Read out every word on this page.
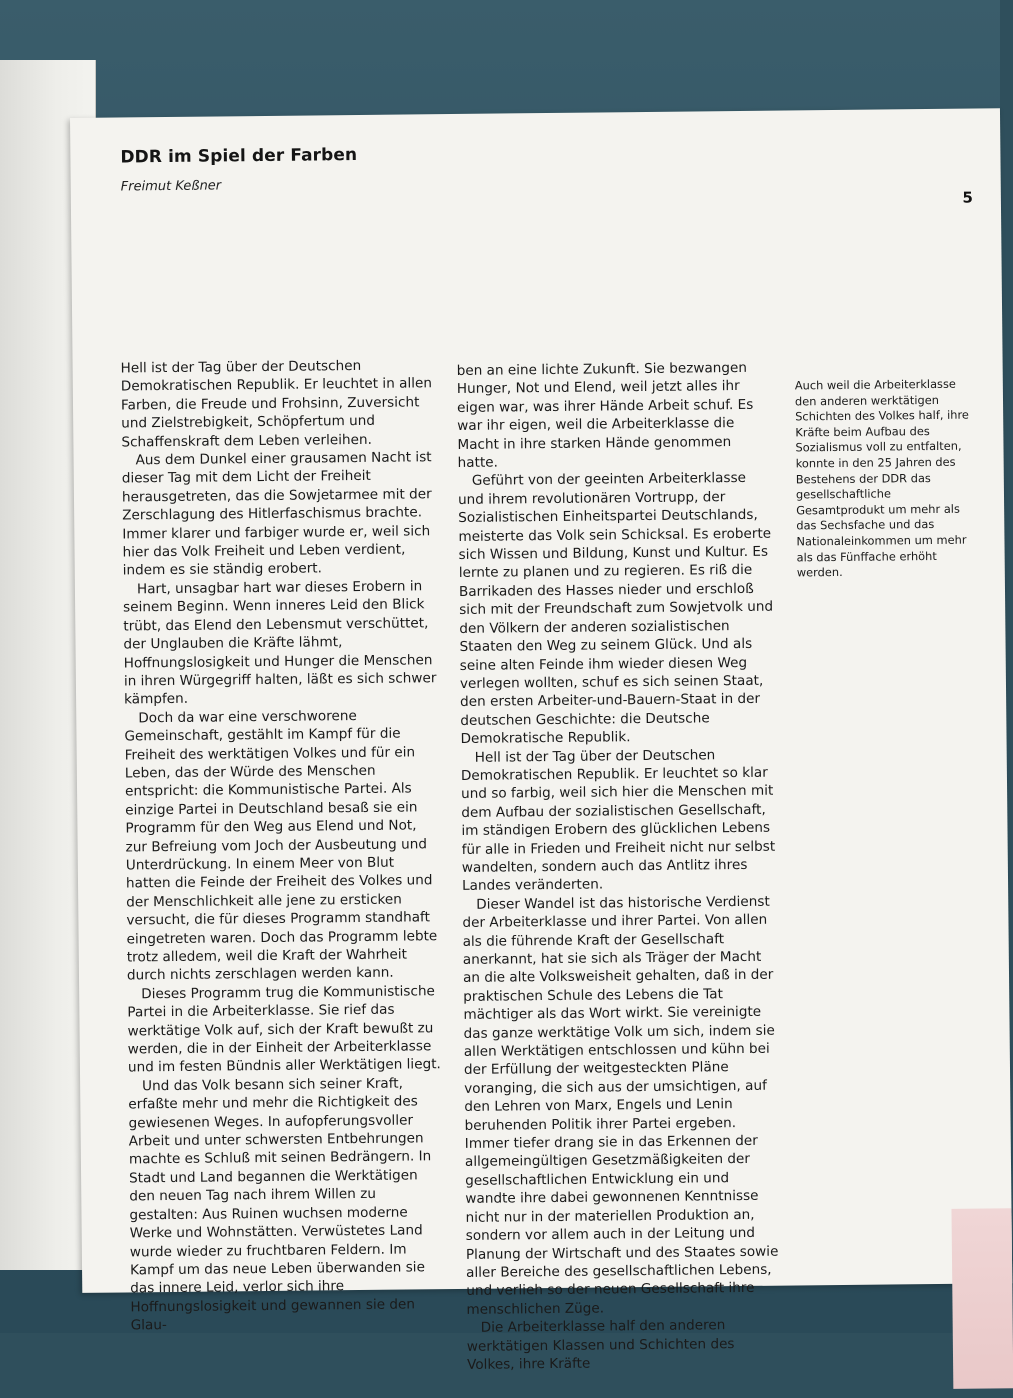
DDR im Spiel der Farben
Freimut Keßner
5

Hell ist der Tag über der Deutschen Demokratischen Republik. Er leuchtet in allen Farben, die Freude und Frohsinn, Zuversicht und Zielstrebigkeit, Schöpfertum und Schaffenskraft dem Leben verleihen.

Aus dem Dunkel einer grausamen Nacht ist dieser Tag mit dem Licht der Freiheit herausgetreten, das die Sowjetarmee mit der Zerschlagung des Hitlerfaschismus brachte. Immer klarer und farbiger wurde er, weil sich hier das Volk Freiheit und Leben verdient, indem es sie ständig erobert.

Hart, unsagbar hart war dieses Erobern in seinem Beginn. Wenn inneres Leid den Blick trübt, das Elend den Lebensmut verschüttet, der Unglauben die Kräfte lähmt, Hoffnungslosigkeit und Hunger die Menschen in ihren Würgegriff halten, läßt es sich schwer kämpfen.

Doch da war eine verschworene Gemeinschaft, gestählt im Kampf für die Freiheit des werktätigen Volkes und für ein Leben, das der Würde des Menschen entspricht: die Kommunistische Partei. Als einzige Partei in Deutschland besaß sie ein Programm für den Weg aus Elend und Not, zur Befreiung vom Joch der Ausbeutung und Unterdrückung. In einem Meer von Blut hatten die Feinde der Freiheit des Volkes und der Menschlichkeit alle jene zu ersticken versucht, die für dieses Programm standhaft eingetreten waren. Doch das Programm lebte trotz alledem, weil die Kraft der Wahrheit durch nichts zerschlagen werden kann.

Dieses Programm trug die Kommunistische Partei in die Arbeiterklasse. Sie rief das werktätige Volk auf, sich der Kraft bewußt zu werden, die in der Einheit der Arbeiterklasse und im festen Bündnis aller Werktätigen liegt.

Und das Volk besann sich seiner Kraft, erfaßte mehr und mehr die Richtigkeit des gewiesenen Weges. In aufopferungsvoller Arbeit und unter schwersten Entbehrungen machte es Schluß mit seinen Bedrängern. In Stadt und Land begannen die Werktätigen den neuen Tag nach ihrem Willen zu gestalten: Aus Ruinen wuchsen moderne Werke und Wohnstätten. Verwüstetes Land wurde wieder zu fruchtbaren Feldern. Im Kampf um das neue Leben überwanden sie das innere Leid, verlor sich ihre Hoffnungslosigkeit und gewannen sie den Glau-

ben an eine lichte Zukunft. Sie bezwangen Hunger, Not und Elend, weil jetzt alles ihr eigen war, was ihrer Hände Arbeit schuf. Es war ihr eigen, weil die Arbeiterklasse die Macht in ihre starken Hände genommen hatte.

Geführt von der geeinten Arbeiterklasse und ihrem revolutionären Vortrupp, der Sozialistischen Einheitspartei Deutschlands, meisterte das Volk sein Schicksal. Es eroberte sich Wissen und Bildung, Kunst und Kultur. Es lernte zu planen und zu regieren. Es riß die Barrikaden des Hasses nieder und erschloß sich mit der Freundschaft zum Sowjetvolk und den Völkern der anderen sozialistischen Staaten den Weg zu seinem Glück. Und als seine alten Feinde ihm wieder diesen Weg verlegen wollten, schuf es sich seinen Staat, den ersten Arbeiter-und-Bauern-Staat in der deutschen Geschichte: die Deutsche Demokratische Republik.

Hell ist der Tag über der Deutschen Demokratischen Republik. Er leuchtet so klar und so farbig, weil sich hier die Menschen mit dem Aufbau der sozialistischen Gesellschaft, im ständigen Erobern des glücklichen Lebens für alle in Frieden und Freiheit nicht nur selbst wandelten, sondern auch das Antlitz ihres Landes veränderten.

Dieser Wandel ist das historische Verdienst der Arbeiterklasse und ihrer Partei. Von allen als die führende Kraft der Gesellschaft anerkannt, hat sie sich als Träger der Macht an die alte Volksweisheit gehalten, daß in der praktischen Schule des Lebens die Tat mächtiger als das Wort wirkt. Sie vereinigte das ganze werktätige Volk um sich, indem sie allen Werktätigen entschlossen und kühn bei der Erfüllung der weitgesteckten Pläne voranging, die sich aus der umsichtigen, auf den Lehren von Marx, Engels und Lenin beruhenden Politik ihrer Partei ergeben. Immer tiefer drang sie in das Erkennen der allgemeingültigen Gesetzmäßigkeiten der gesellschaftlichen Entwicklung ein und wandte ihre dabei gewonnenen Kenntnisse nicht nur in der materiellen Produktion an, sondern vor allem auch in der Leitung und Planung der Wirtschaft und des Staates sowie aller Bereiche des gesellschaftlichen Lebens, und verlieh so der neuen Gesellschaft ihre menschlichen Züge.

Die Arbeiterklasse half den anderen werktätigen Klassen und Schichten des Volkes, ihre Kräfte

Auch weil die Arbeiterklasse den anderen werktätigen Schichten des Volkes half, ihre Kräfte beim Aufbau des Sozialismus voll zu entfalten, konnte in den 25 Jahren des Bestehens der DDR das gesellschaftliche Gesamtprodukt um mehr als das Sechsfache und das Nationaleinkommen um mehr als das Fünffache erhöht werden.
